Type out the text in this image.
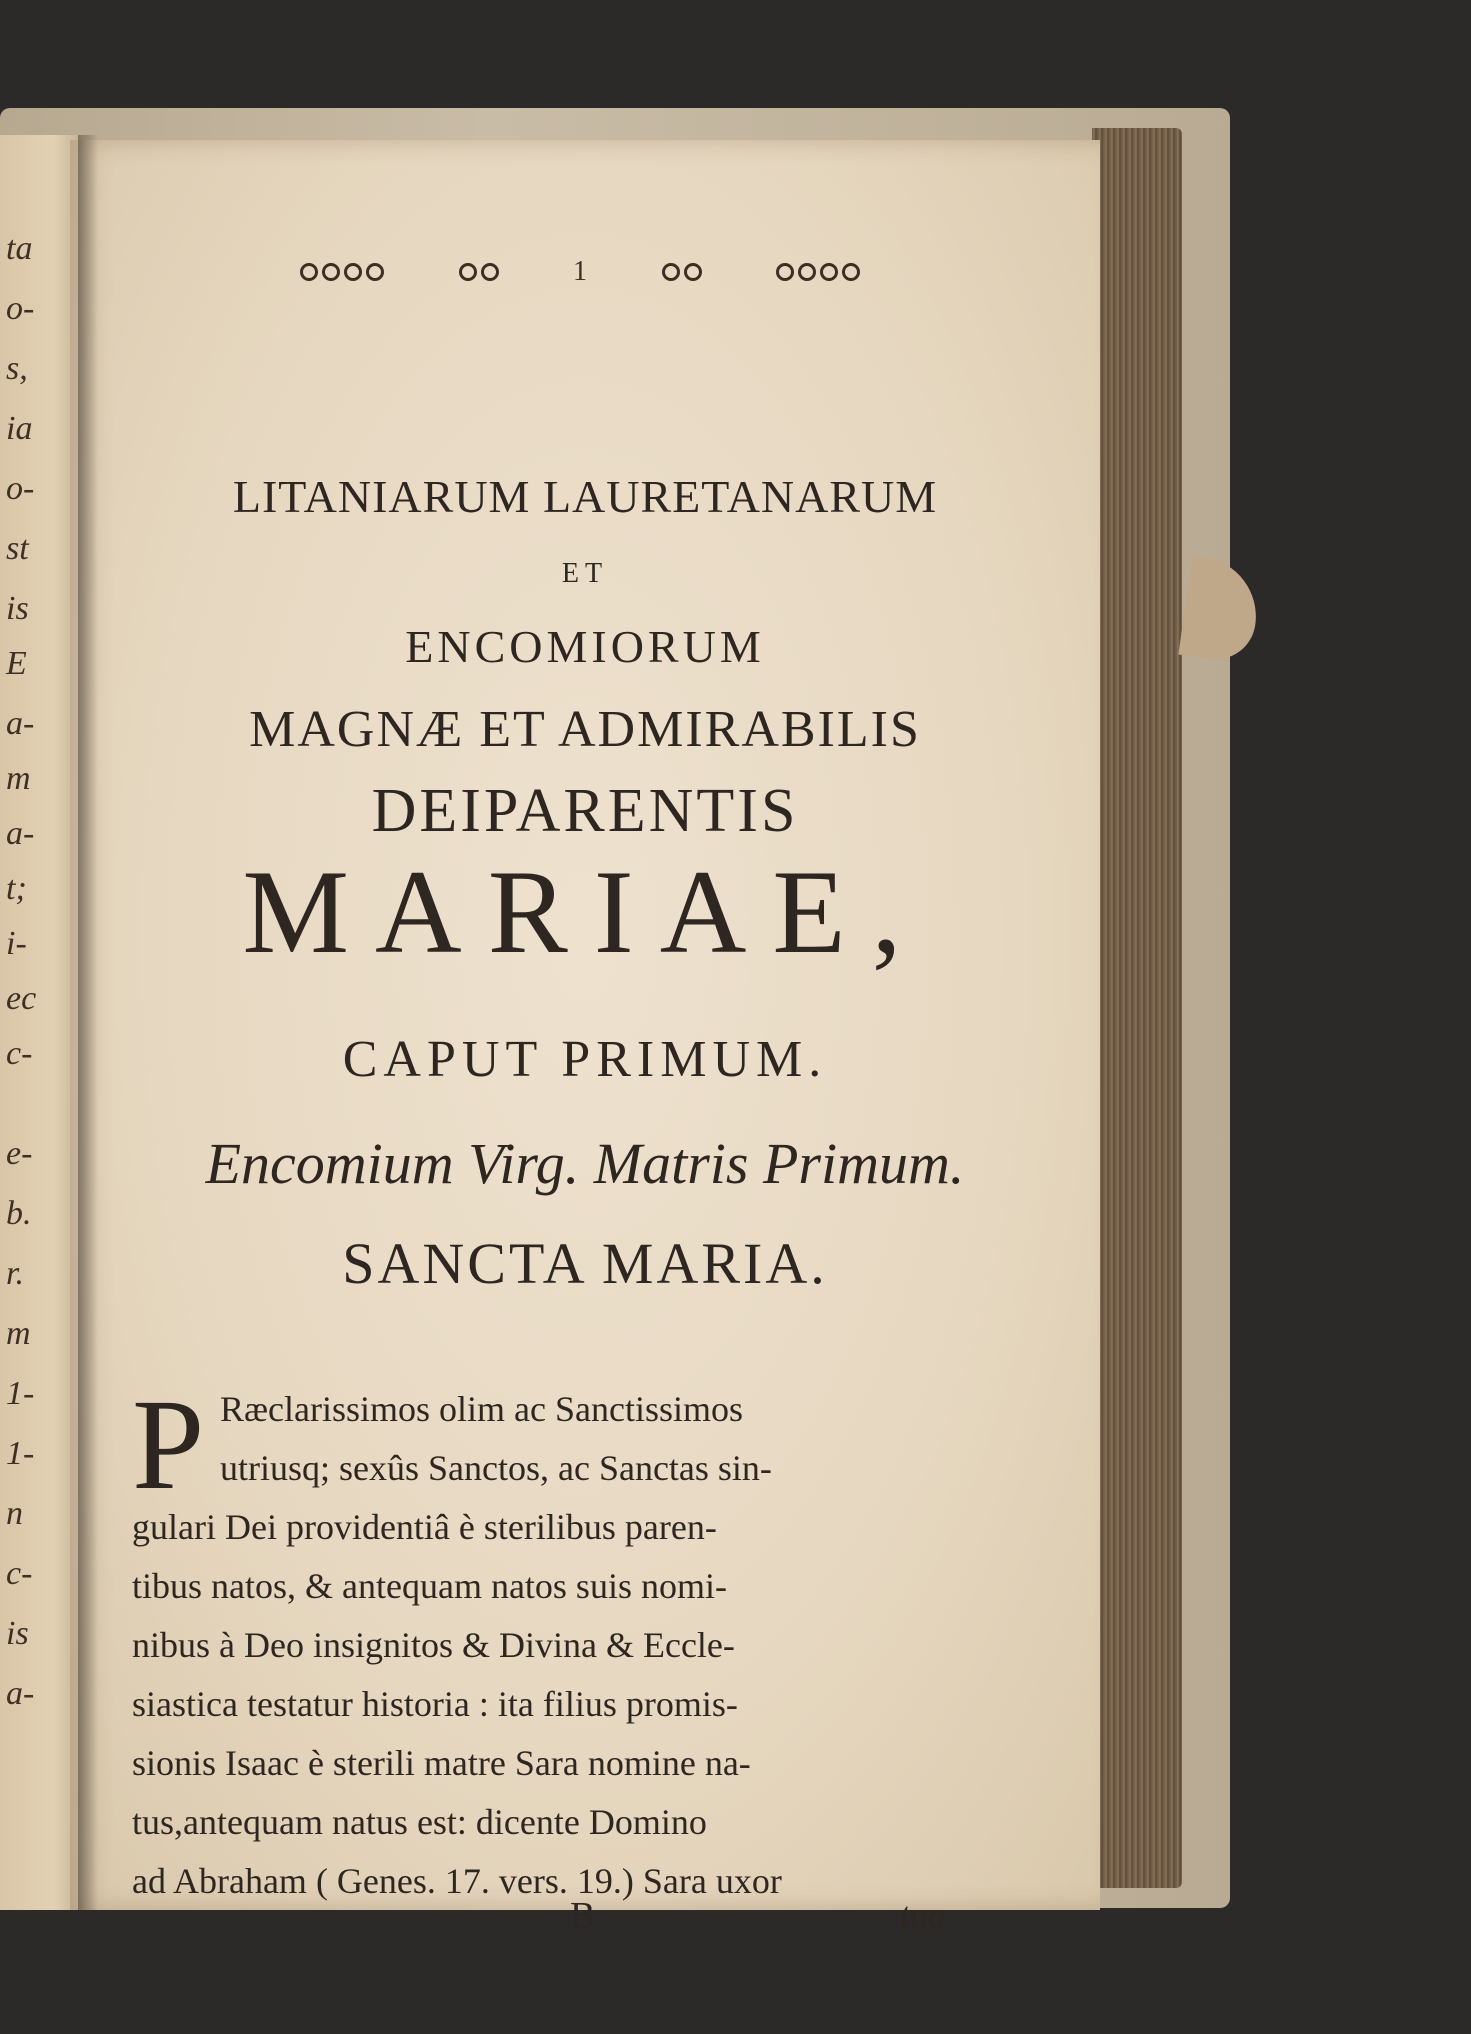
ta
o-
s,
ia
o-
st
is
E
a-
m
a-
t;
i-
ec
c-
e-
b.
r.
m
1-
1-
n
c-
is
a-
1
LITANIARUM LAURETANARUM
ET
ENCOMIORUM
MAGNÆ ET ADMIRABILIS
DEIPARENTIS
MARIAE,
CAPUT PRIMUM.
Encomium Virg. Matris Primum.
SANCTA MARIA.
P Ræclarissimos olim ac Sanctissimos
utriusq; sexûs Sanctos, ac Sanctas sin-
gulari Dei providentiâ è sterilibus paren-
tibus natos, & antequam natos suis nomi-
nibus à Deo insignitos & Divina & Eccle-
siastica testatur historia : ita filius promis-
sionis Isaac è sterili matre Sara nomine na-
tus,antequam natus est: dicente Domino
ad Abraham ( Genes. 17. vers. 19.) Sara uxor
B	tua
